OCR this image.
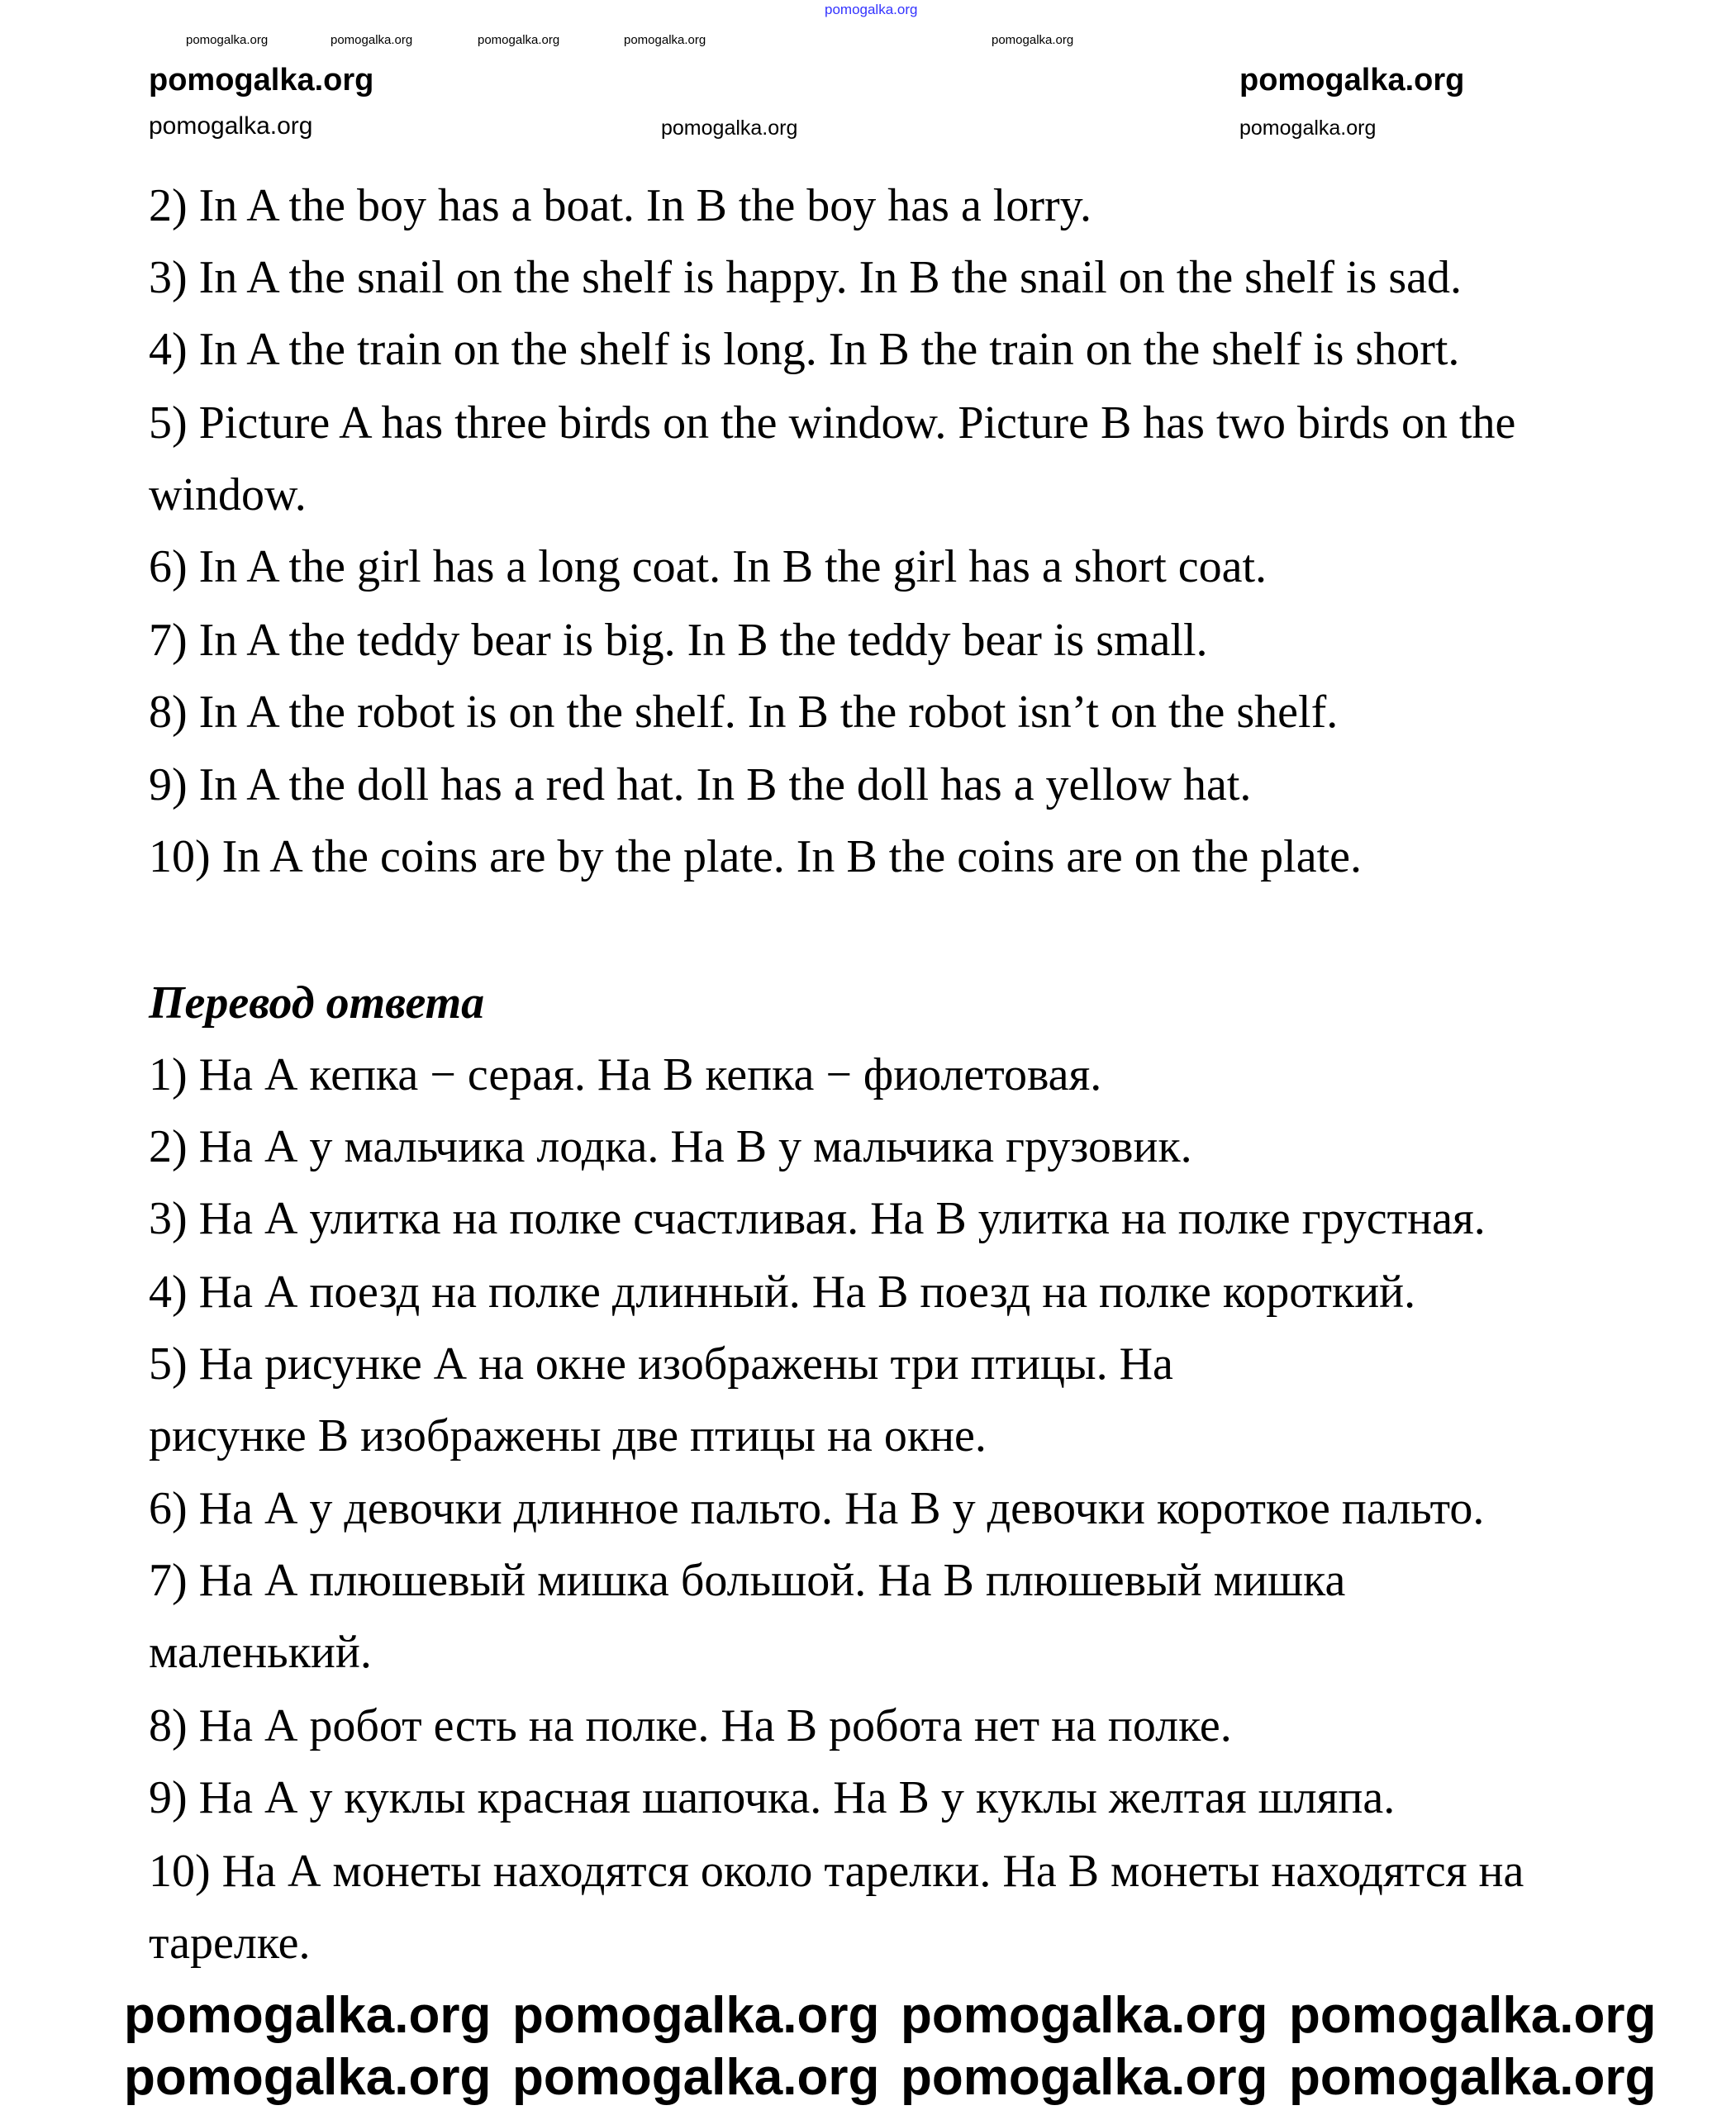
pomogalka.org
2) In A the boy has a boat. In B the boy has a lorry.
3) In A the snail on the shelf is happy. In B the snail on the shelf is sad.
4) In A the train on the shelf is long. In B the train on the shelf is short.
5) Picture A has three birds on the window. Picture B has two birds on the
window.
6) In A the girl has a long coat. In B the girl has a short coat.
7) In A the teddy bear is big. In B the teddy bear is small.
8) In A the robot is on the shelf. In B the robot isn’t on the shelf.
9) In A the doll has a red hat. In B the doll has a yellow hat.
10) In A the coins are by the plate. In B the coins are on the plate.
Перевод ответа
1) На А кепка − серая. На В кепка − фиолетовая.
2) На А у мальчика лодка. На В у мальчика грузовик.
3) На А улитка на полке счастливая. На В улитка на полке грустная.
4) На А поезд на полке длинный. На В поезд на полке короткий.
5) На рисунке А на окне изображены три птицы. На
рисунке В изображены две птицы на окне.
6) На А у девочки длинное пальто. На В у девочки короткое пальто.
7) На А плюшевый мишка большой. На В плюшевый мишка
маленький.
8) На А робот есть на полке. На В робота нет на полке.
9) На А у куклы красная шапочка. На В у куклы желтая шляпа.
10) На А монеты находятся около тарелки. На В монеты находятся на
тарелке.
pomogalka.org	pomogalka.org	pomogalka.org	pomogalka.org	pomogalka.org
pomogalka.org	pomogalka.org
pomogalka.org	pomogalka.org	pomogalka.org
pomogalka.org pomogalka.org pomogalka.org pomogalka.org
pomogalka.org pomogalka.org pomogalka.org pomogalka.org
